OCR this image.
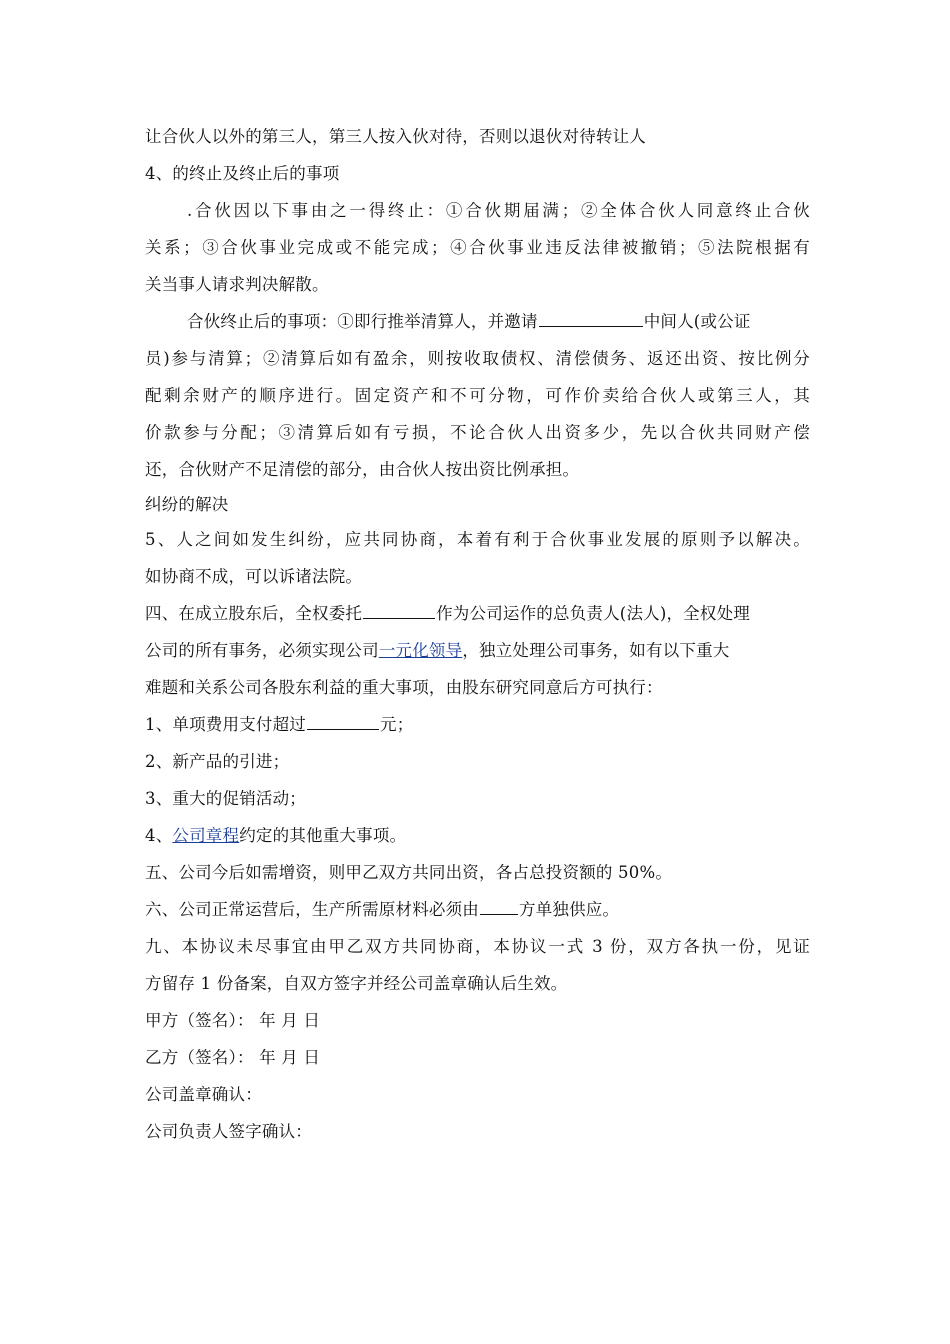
让合伙人以外的第三人，第三人按入伙对待，否则以退伙对待转让人

4、的终止及终止后的事项

.合伙因以下事由之一得终止：①合伙期届满；②全体合伙人同意终止合伙

关系；③合伙事业完成或不能完成；④合伙事业违反法律被撤销；⑤法院根据有

关当事人请求判决解散。

合伙终止后的事项：①即行推举清算人，并邀请	中间人(或公证

员)参与清算；②清算后如有盈余，则按收取债权、清偿债务、返还出资、按比例分

配剩余财产的顺序进行。固定资产和不可分物，可作价卖给合伙人或第三人，其

价款参与分配；③清算后如有亏损，不论合伙人出资多少，先以合伙共同财产偿

还，合伙财产不足清偿的部分，由合伙人按出资比例承担。

纠纷的解决

5、人之间如发生纠纷，应共同协商，本着有利于合伙事业发展的原则予以解决。

如协商不成，可以诉诸法院。

四、在成立股东后，全权委托	作为公司运作的总负责人(法人)，全权处理

公司的所有事务，必须实现公司一元化领导，独立处理公司事务，如有以下重大

难题和关系公司各股东利益的重大事项，由股东研究同意后方可执行：

1、单项费用支付超过	元；

2、新产品的引进；

3、重大的促销活动；

4、公司章程约定的其他重大事项。

五、公司今后如需增资，则甲乙双方共同出资，各占总投资额的 50%。

六、公司正常运营后，生产所需原材料必须由 方单独供应。

九、本协议未尽事宜由甲乙双方共同协商，本协议一式 3 份，双方各执一份，见证

方留存 1 份备案，自双方签字并经公司盖章确认后生效。

甲方（签名）： 年 月 日

乙方（签名）： 年 月 日

公司盖章确认：

公司负责人签字确认：
